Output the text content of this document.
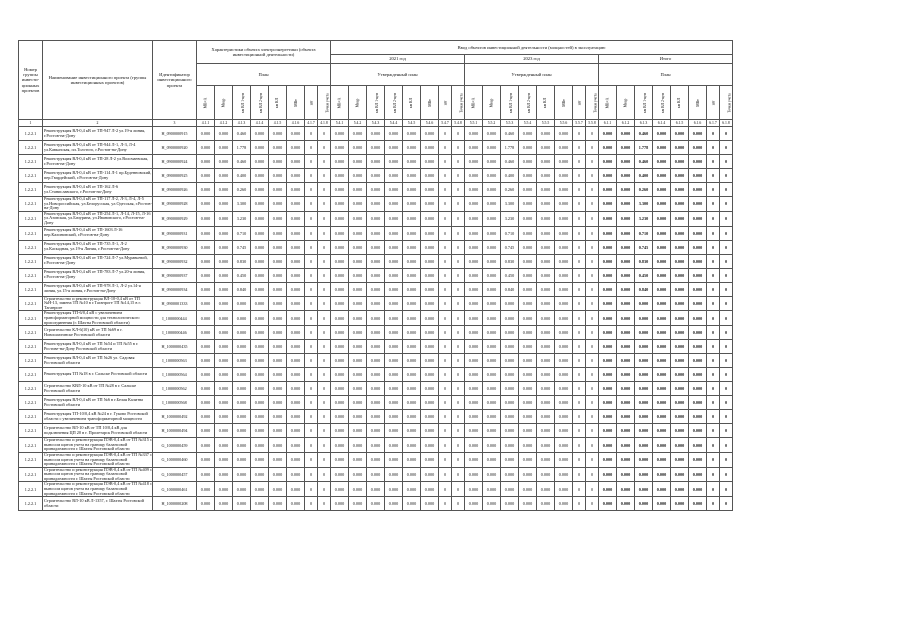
Номер группы инвести-ционных проектов	Наименование инвестиционного проекта (группы инвестиционных проектов)	Идентификатор инвестиционного проекта	Характеристики объекта электроэнергетики (объекта инвестиционной деятельности)								Ввод объектов инвестиционной деятельности (мощностей) в эксплуатацию																							
											2021 год								2023 год								Итого							
			План								Утвержденный план								Утвержденный план								План							
			МВ×А	Мвар	км ВЛ 1-цеп	км ВЛ 2-цеп	км КЛ	МВт	шт	Точки учета	МВ×А	Мвар	км ВЛ 1-цеп	км ВЛ 2-цеп	км КЛ	МВт	шт	Точки учета	МВ×А	Мвар	км ВЛ 1-цеп	км ВЛ 2-цеп	км КЛ	МВт	шт	Точки учета	МВ×А	Мвар	км ВЛ 1-цеп	км ВЛ 2-цеп	км КЛ	МВт	шт	Точки учета
1	2	3	4.1.1	4.1.2	4.1.3	4.1.4	4.1.5	4.1.6	4.1.7	4.1.8	5.4.1	5.4.2	5.4.3	5.4.4	5.4.5	5.4.6	5.4.7	5.4.8	5.5.1	5.5.2	5.5.3	5.5.4	5.5.5	5.5.6	5.5.7	5.5.8	6.1.1	6.1.2	6.1.3	6.1.4	6.1.5	6.1.6	6.1.7	6.1.8
1.2.2.1	Реконструкция ВЛ-0,4 кВ от ТП-947 Л-2 ул.19-я линия, г.Ростов-на-Дону	H_0900000915	0.000	0.000	0.460	0.000	0.000	0.000	0	0	0.000	0.000	0.000	0.000	0.000	0.000	0	0	0.000	0.000	0.460	0.000	0.000	0.000	0	0	0.000	0.000	0.460	0.000	0.000	0.000	0	0
1.2.2.1	Реконструкция ВЛ-0,4 кВ от ТП-944 Л-1, Л-3, Л-4 ул.Кавказская, пл.Толстого, г.Ростов-на-Дону	H_0900000920	0.000	0.000	1.778	0.000	0.000	0.000	0	0	0.000	0.000	0.000	0.000	0.000	0.000	0	0	0.000	0.000	1.778	0.000	0.000	0.000	0	0	0.000	0.000	1.778	0.000	0.000	0.000	0	0
1.2.2.1	Реконструкция ВЛ-0,4 кВ от ТП-28 Л-2 ул.Волочаевская, г.Ростов-на-Дону	H_0900000924	0.000	0.000	0.460	0.000	0.000	0.000	0	0	0.000	0.000	0.000	0.000	0.000	0.000	0	0	0.000	0.000	0.460	0.000	0.000	0.000	0	0	0.000	0.000	0.460	0.000	0.000	0.000	0	0
1.2.2.1	Реконструкция ВЛ-0,4 кВ от ТП-114 Л-1 пр.Буденновский, пер.Гвардейский, г.Ростов-на-Дону	H_0900000925	0.000	0.000	0.400	0.000	0.000	0.000	0	0	0.000	0.000	0.000	0.000	0.000	0.000	0	0	0.000	0.000	0.400	0.000	0.000	0.000	0	0	0.000	0.000	0.400	0.000	0.000	0.000	0	0
1.2.2.1	Реконструкция ВЛ-0,4 кВ от ТП-162 Л-6 ул.Станиславского, г.Ростов-на-Дону	H_0900000926	0.000	0.000	0.260	0.000	0.000	0.000	0	0	0.000	0.000	0.000	0.000	0.000	0.000	0	0	0.000	0.000	0.260	0.000	0.000	0.000	0	0	0.000	0.000	0.260	0.000	0.000	0.000	0	0
1.2.2.1	Реконструкция ВЛ-0,4 кВ от ТП-117 Л-2, Л-3, Л-4, Л-5 ул.Новороссийская, ул.Белорусская, ул.Одесская, г.Ростов-на-Дону	H_0900000928	0.000	0.000	3.300	0.000	0.000	0.000	0	0	0.000	0.000	0.000	0.000	0.000	0.000	0	0	0.000	0.000	3.300	0.000	0.000	0.000	0	0	0.000	0.000	3.300	0.000	0.000	0.000	0	0
1.2.2.1	Реконструкция ВЛ-0,4 кВ от ТП-254 Л-1, Л-14, Л-15, Л-16 ул.Азовская, ул.Бачурина, ул.Ивановского, г.Ростов-на-Дону	H_0900000929	0.000	0.000	3.230	0.000	0.000	0.000	0	0	0.000	0.000	0.000	0.000	0.000	0.000	0	0	0.000	0.000	3.230	0.000	0.000	0.000	0	0	0.000	0.000	3.230	0.000	0.000	0.000	0	0
1.2.2.1	Реконструкция ВЛ-0,4 кВ от ТП-1603 Л-16 пер.Калиновский, г.Ростов-на-Дону	H_0900000931	0.000	0.000	0.710	0.000	0.000	0.000	0	0	0.000	0.000	0.000	0.000	0.000	0.000	0	0	0.000	0.000	0.710	0.000	0.000	0.000	0	0	0.000	0.000	0.710	0.000	0.000	0.000	0	0
1.2.2.1	Реконструкция ВЛ-0,4 кВ от ТП-735 Л-1, Л-2 ул.Каскадная, ул.19-я Линия, г.Ростов-на-Дону	H_0900000930	0.000	0.000	0.745	0.000	0.000	0.000	0	0	0.000	0.000	0.000	0.000	0.000	0.000	0	0	0.000	0.000	0.745	0.000	0.000	0.000	0	0	0.000	0.000	0.745	0.000	0.000	0.000	0	0
1.2.2.1	Реконструкция ВЛ-0,4 кВ от ТП-724 Л-7 ул.Муравьевой, г.Ростов-на-Дону	H_0900000932	0.000	0.000	0.830	0.000	0.000	0.000	0	0	0.000	0.000	0.000	0.000	0.000	0.000	0	0	0.000	0.000	0.830	0.000	0.000	0.000	0	0	0.000	0.000	0.830	0.000	0.000	0.000	0	0
1.2.2.1	Реконструкция ВЛ-0,4 кВ от ТП-783 Л-7 ул.20-я линия, г.Ростов-на-Дону	H_0900000937	0.000	0.000	0.450	0.000	0.000	0.000	0	0	0.000	0.000	0.000	0.000	0.000	0.000	0	0	0.000	0.000	0.450	0.000	0.000	0.000	0	0	0.000	0.000	0.450	0.000	0.000	0.000	0	0
1.2.2.1	Реконструкция ВЛ-0,4 кВ от ТП-978 Л-1, Л-2 ул.14-я линия, ул.15-я линия, г.Ростов-на-Дону	H_0900000934	0.000	0.000	0.840	0.000	0.000	0.000	0	0	0.000	0.000	0.000	0.000	0.000	0.000	0	0	0.000	0.000	0.840	0.000	0.000	0.000	0	0	0.000	0.000	0.840	0.000	0.000	0.000	0	0
1.2.2.1	Строительство и реконструкция ВЛ-10-0,4 кВ от ТП №Н-13, замена ТП №10 в г.Таганроге ТП №14,15 в г. Таганроге	H_0900001333	0.000	0.000	0.000	0.000	0.000	0.000	0	0	0.000	0.000	0.000	0.000	0.000	0.000	0	0	0.000	0.000	0.000	0.000	0.000	0.000	0	0	0.000	0.000	0.000	0.000	0.000	0.000	0	0
1.2.2.1	Реконструкция ТП-6/0,4 кВ с увеличением трансформаторной мощности для технологического присоединения (г. Шахты Ростовской области)	I_1000000444	0.000	0.000	0.000	0.000	0.000	0.000	0	0	0.000	0.000	0.000	0.000	0.000	0.000	0	0	0.000	0.000	0.000	0.000	0.000	0.000	0	0	0.000	0.000	0.000	0.000	0.000	0.000	0	0
1.2.2.1	Строительство КЛ-6(10) кВ от ТП №69 в г. Новошахтинске Ростовской области	I_1000000446	0.000	0.000	0.000	0.000	0.000	0.000	0	0	0.000	0.000	0.000	0.000	0.000	0.000	0	0	0.000	0.000	0.000	0.000	0.000	0.000	0	0	0.000	0.000	0.000	0.000	0.000	0.000	0	0
1.2.2.1	Реконструкция ВЛ-0,4 кВ от ТП №54 и ТП №55 в г. Ростове-на-Дону Ростовской области	H_1000000435	0.000	0.000	0.000	0.000	0.000	0.000	0	0	0.000	0.000	0.000	0.000	0.000	0.000	0	0	0.000	0.000	0.000	0.000	0.000	0.000	0	0	0.000	0.000	0.000	0.000	0.000	0.000	0	0
1.2.2.1	Реконструкция ВЛ-0,4 кВ от ТП №26 ул. Садовая Ростовской области	I_1000000563	0.000	0.000	0.000	0.000	0.000	0.000	0	0	0.000	0.000	0.000	0.000	0.000	0.000	0	0	0.000	0.000	0.000	0.000	0.000	0.000	0	0	0.000	0.000	0.000	0.000	0.000	0.000	0	0
1.2.2.1	Реконструкция ТП №18 в г. Сальске Ростовской области	I_1000000564	0.000	0.000	0.000	0.000	0.000	0.000	0	0	0.000	0.000	0.000	0.000	0.000	0.000	0	0	0.000	0.000	0.000	0.000	0.000	0.000	0	0	0.000	0.000	0.000	0.000	0.000	0.000	0	0
1.2.2.1	Строительство КВЛ-10 кВ от ТП №28 в г. Сальске Ростовской области	I_1000000562	0.000	0.000	0.000	0.000	0.000	0.000	0	0	0.000	0.000	0.000	0.000	0.000	0.000	0	0	0.000	0.000	0.000	0.000	0.000	0.000	0	0	0.000	0.000	0.000	0.000	0.000	0.000	0	0
1.2.2.1	Реконструкция ВЛ-0,4 кВ от ТП №6 в г.Белая Калитва Ростовской области	I_1000000568	0.000	0.000	0.000	0.000	0.000	0.000	0	0	0.000	0.000	0.000	0.000	0.000	0.000	0	0	0.000	0.000	0.000	0.000	0.000	0.000	0	0	0.000	0.000	0.000	0.000	0.000	0.000	0	0
1.2.2.1	Реконструкция ТП-10/0,4 кВ №24 в г. Гуково Ростовской области с увеличением трансформаторной мощности	H_1000000492	0.000	0.000	0.000	0.000	0.000	0.000	0	0	0.000	0.000	0.000	0.000	0.000	0.000	0	0	0.000	0.000	0.000	0.000	0.000	0.000	0	0	0.000	0.000	0.000	0.000	0.000	0.000	0	0
1.2.2.1	Строительство ВЛ-10 кВ от ТП 10/0,4 кВ для подключения ЦП 20 в г. Пролетарск Ростовской области	H_1000000494	0.000	0.000	0.000	0.000	0.000	0.000	0	0	0.000	0.000	0.000	0.000	0.000	0.000	0	0	0.000	0.000	0.000	0.000	0.000	0.000	0	0	0.000	0.000	0.000	0.000	0.000	0.000	0	0
1.2.2.1	Строительство и реконструкция ПЭВ-0,4 кВ от ТП №315 с выносом щитов учета на границу балансовой принадлежности г. Шахты Ростовской области	G_1000000459	0.000	0.000	0.000	0.000	0.000	0.000	0	0	0.000	0.000	0.000	0.000	0.000	0.000	0	0	0.000	0.000	0.000	0.000	0.000	0.000	0	0	0.000	0.000	0.000	0.000	0.000	0.000	0	0
1.2.2.1	Строительство и реконструкция ПЭВ-0,4 кВ от ТП №337 с выносом щитов учета на границу балансовой принадлежности г. Шахты Ростовской области	G_1000000460	0.000	0.000	0.000	0.000	0.000	0.000	0	0	0.000	0.000	0.000	0.000	0.000	0.000	0	0	0.000	0.000	0.000	0.000	0.000	0.000	0	0	0.000	0.000	0.000	0.000	0.000	0.000	0	0
1.2.2.1	Строительство и реконструкция ПЭВ-0,4 кВ от ТП №409 с выносом щитов учета на границу балансовой принадлежности г. Шахты Ростовской области	G_1000000457	0.000	0.000	0.000	0.000	0.000	0.000	0	0	0.000	0.000	0.000	0.000	0.000	0.000	0	0	0.000	0.000	0.000	0.000	0.000	0.000	0	0	0.000	0.000	0.000	0.000	0.000	0.000	0	0
1.2.2.1	Строительство и реконструкция ПЭВ-0,4 кВ от ТП №418 с выносом щитов учета на границу балансовой принадлежности г. Шахты Ростовской области	G_1000000461	0.000	0.000	0.000	0.000	0.000	0.000	0	0	0.000	0.000	0.000	0.000	0.000	0.000	0	0	0.000	0.000	0.000	0.000	0.000	0.000	0	0	0.000	0.000	0.000	0.000	0.000	0.000	0	0
1.2.2.1	Строительство ВЛ-10 кВ Л-1357, г. Шахты Ростовской области	H_1000000208	0.000	0.000	0.000	0.000	0.000	0.000	0	0	0.000	0.000	0.000	0.000	0.000	0.000	0	0	0.000	0.000	0.000	0.000	0.000	0.000	0	0	0.000	0.000	0.000	0.000	0.000	0.000	0	0
